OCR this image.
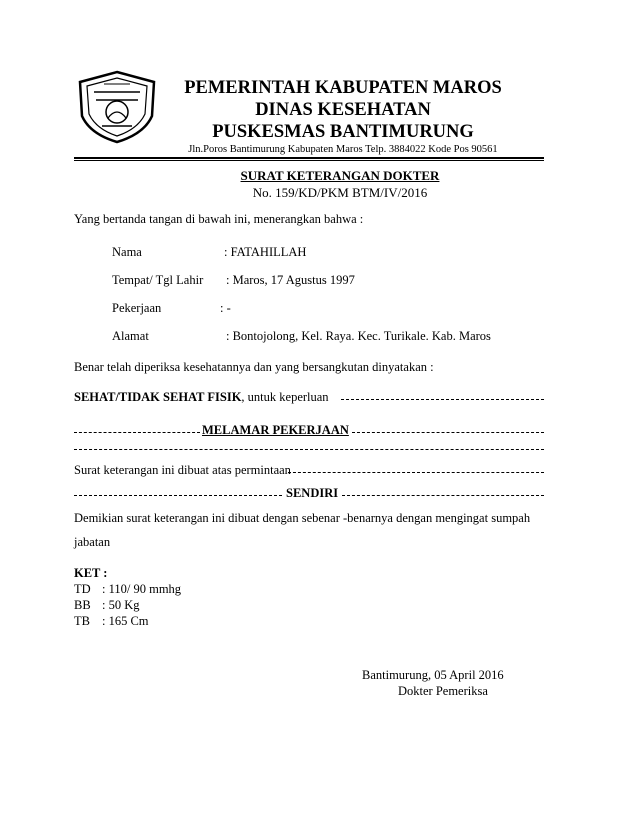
PEMERINTAH KABUPATEN MAROS
DINAS KESEHATAN
PUSKESMAS BANTIMURUNG
Jln.Poros Bantimurung Kabupaten Maros Telp. 3884022 Kode Pos 90561
SURAT KETERANGAN DOKTER
No. 159/KD/PKM BTM/IV/2016
Yang bertanda tangan di bawah ini, menerangkan bahwa :
Nama	: FATAHILLAH
Tempat/ Tgl Lahir : Maros, 17 Agustus 1997
Pekerjaan	: -
Alamat	: Bontojolong, Kel. Raya. Kec. Turikale. Kab. Maros
Benar telah diperiksa kesehatannya dan yang bersangkutan dinyatakan :
SEHAT/TIDAK SEHAT FISIK, untuk keperluan
MELAMAR PEKERJAAN
Surat keterangan ini dibuat atas permintaan
SENDIRI
Demikian surat keterangan ini dibuat dengan sebenar -benarnya dengan mengingat sumpah
jabatan
KET :
TD : 110/ 90 mmhg
BB : 50 Kg
TB : 165 Cm
Bantimurung, 05 April 2016
Dokter Pemeriksa
